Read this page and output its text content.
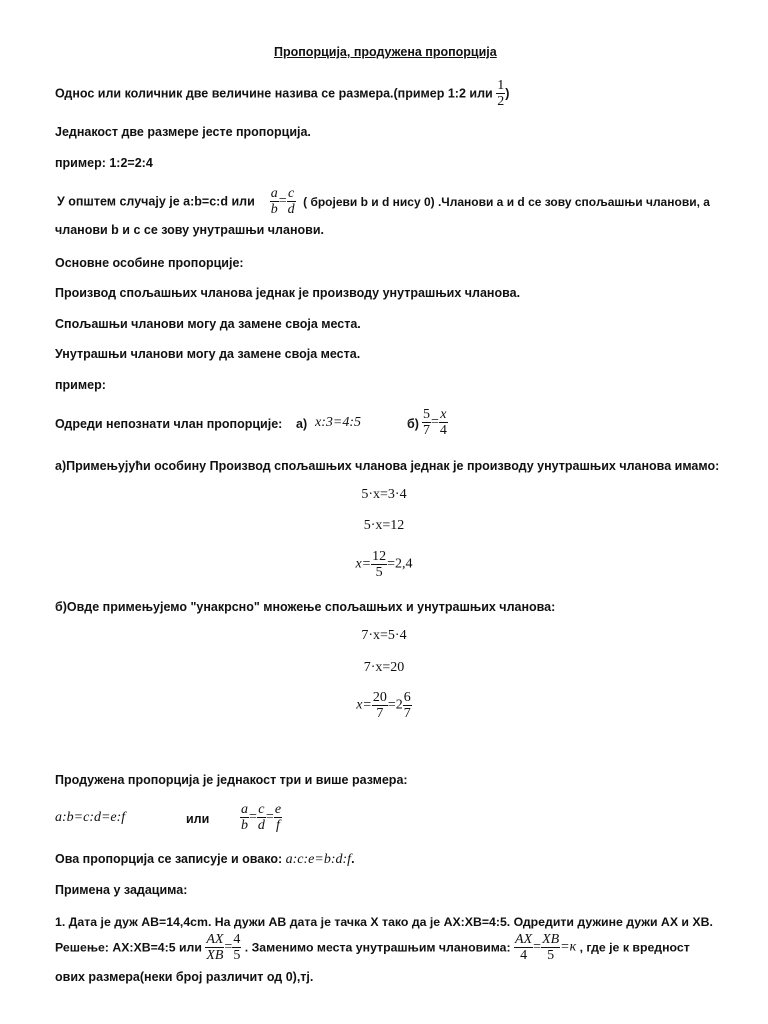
Пропорција, продужена пропорција
Однос или количник две величине назива се размера.(пример 1:2 или $\frac{1}{2}$ )
Једнакост две размере јесте пропорција.
пример: 1:2=2:4
У општем случају је a:b=c:d или $\frac{a}{b} = \frac{c}{d}$ ( бројеви b и d нису 0) .Чланови a и d се зову спољашњи чланови, а
чланови b и c се зову унутрашњи чланови.
Основне особине пропорције:
Производ спољашњих чланова једнак је производу унутрашњих чланова.
Спољашњи чланови могу да замене своја места.
Унутрашњи чланови могу да замене своја места.
пример:
Одреди непознати члан пропорције: а) x:3=4:5	$б) \frac{5}{7} = \frac{x}{4}$
а)Примењујући особину Производ спољашњих чланова једнак је производу унутрашњих чланова имамо:
5·x=3·4
5·x=12
$x= \frac{12}{5} =2,4$
б)Овде примењујемо "унакрсно" множење спољашњих и унутрашњих чланова:
7·x=5·4
7·x=20
$x= \frac{20}{7} =2 \frac{6}{7}$
Продужена пропорција је једнакост три и више размера:
a:b=c:d=e:f	или $\frac{a}{b} = \frac{c}{d} = \frac{e}{f}$
Ова пропорција се записује и овако: a:c:e=b:d:f.
Примена у задацима:
1. Дата је дуж AB=14,4cm. На дужи AB дата је тачка X тако да је AX:XB=4:5. Одредити дужине дужи AX и XB.
Решење: AX:XB=4:5 или $\frac{AX}{XB} = \frac{4}{5}$ . Заменимо места унутрашњим члановима: $\frac{AX}{4} = \frac{XB}{5} =к$ , где је к вредност
ових размера(неки број различит од 0),тј.
